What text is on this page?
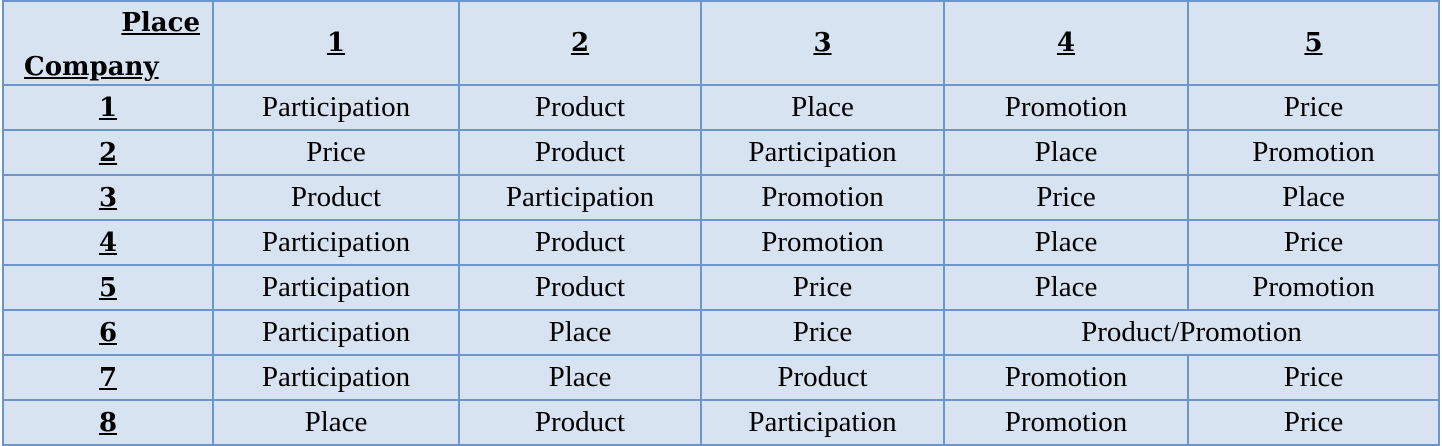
Place
Company	1	2	3	4	5
1	Participation	Product	Place	Promotion	Price
2	Price	Product	Participation	Place	Promotion
3	Product	Participation	Promotion	Price	Place
4	Participation	Product	Promotion	Place	Price
5	Participation	Product	Price	Place	Promotion
6	Participation	Place	Price	Product/Promotion	
7	Participation	Place	Product	Promotion	Price
8	Place	Product	Participation	Promotion	Price
